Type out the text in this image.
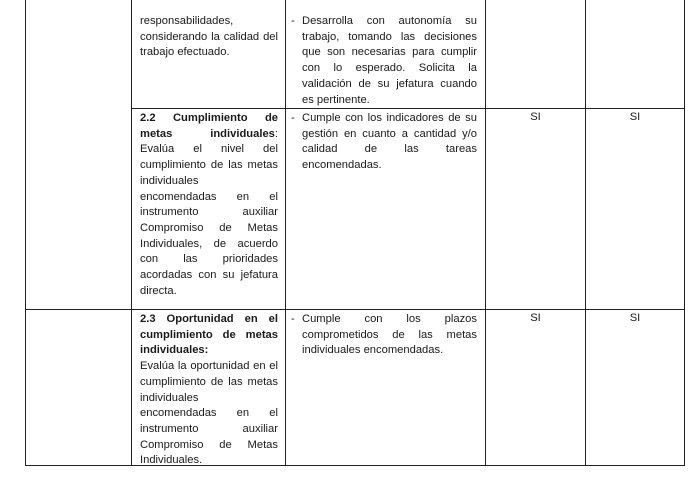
responsabilidades, considerando la calidad del trabajo efectuado.
- Desarrolla con autonomía su trabajo, tomando las decisiones que son necesarias para cumplir con lo esperado. Solicita la validación de su jefatura cuando es pertinente.
2.2 Cumplimiento de metas individuales: Evalúa el nivel del cumplimiento de las metas individuales encomendadas en el instrumento auxiliar Compromiso de Metas Individuales, de acuerdo con las prioridades acordadas con su jefatura directa.
- Cumple con los indicadores de su gestión en cuanto a cantidad y/o calidad de las tareas encomendadas.
SI	SI
2.3 Oportunidad en el cumplimiento de metas individuales:
Evalúa la oportunidad en el cumplimiento de las metas individuales encomendadas en el instrumento auxiliar Compromiso de Metas Individuales.
- Cumple con los plazos comprometidos de las metas individuales encomendadas.
SI	SI
